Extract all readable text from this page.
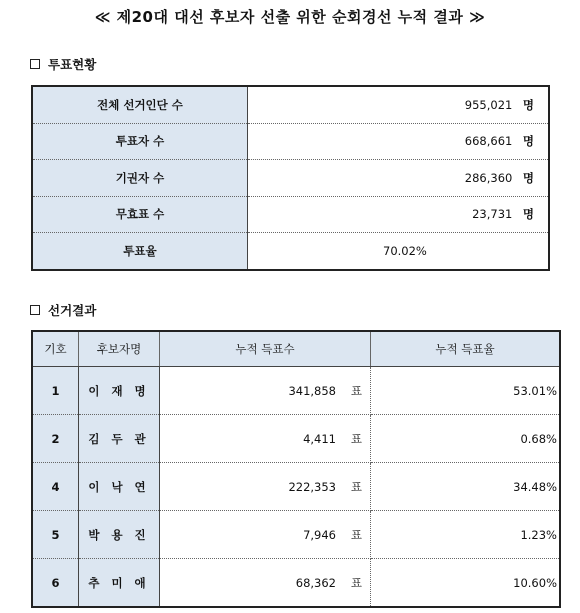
≪ 제20대 대선 후보자 선출 위한 순회경선 누적 결과 ≫
투표현황
전체 선거인단 수	955,021 명
투표자 수	668,661 명
기권자 수	286,360 명
무효표 수	23,731 명
투표율	70.02%
선거결과
기호	후보자명	누적 득표수	누적 득표율
1	이 재 명	341,858 표	53.01%
2	김 두 관	4,411 표	0.68%
4	이 낙 연	222,353 표	34.48%
5	박 용 진	7,946 표	1.23%
6	추 미 애	68,362 표	10.60%
